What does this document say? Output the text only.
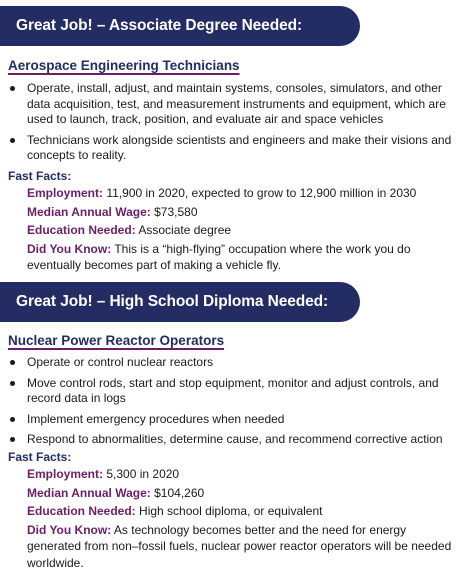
Great Job! – Associate Degree Needed:
Aerospace Engineering Technicians
Operate, install, adjust, and maintain systems, consoles, simulators, and other data acquisition, test, and measurement instruments and equipment, which are used to launch, track, position, and evaluate air and space vehicles
Technicians work alongside scientists and engineers and make their visions and concepts to reality.
Fast Facts:
Employment: 11,900 in 2020, expected to grow to 12,900 million in 2030
Median Annual Wage: $73,580
Education Needed: Associate degree
Did You Know: This is a “high-flying” occupation where the work you do eventually becomes part of making a vehicle fly.
Great Job! – High School Diploma Needed:
Nuclear Power Reactor Operators
Operate or control nuclear reactors
Move control rods, start and stop equipment, monitor and adjust controls, and record data in logs
Implement emergency procedures when needed
Respond to abnormalities, determine cause, and recommend corrective action
Fast Facts:
Employment: 5,300 in 2020
Median Annual Wage: $104,260
Education Needed: High school diploma, or equivalent
Did You Know: As technology becomes better and the need for energy generated from non–fossil fuels, nuclear power reactor operators will be needed worldwide.
